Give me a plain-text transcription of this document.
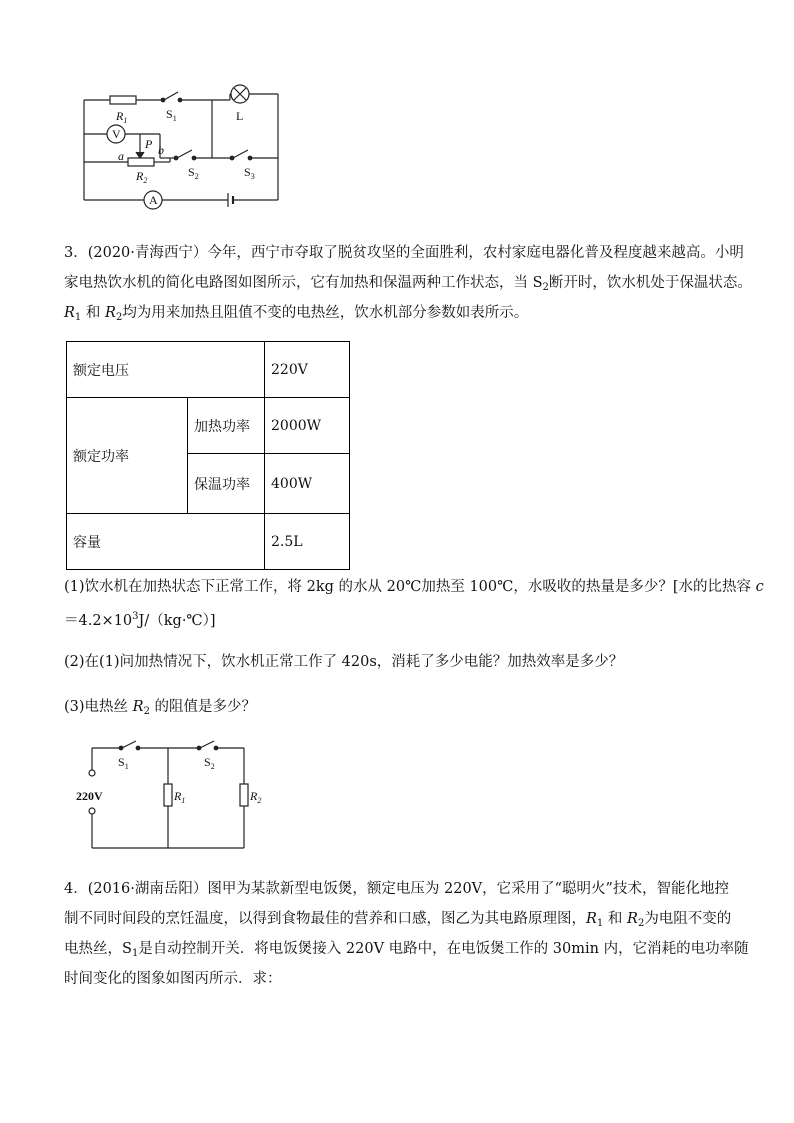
$R_1$	$S_1$	L
V
P
a	b
$R_2$
$S_2$	$S_3$
A
3．(2020·青海西宁）今年，西宁市夺取了脱贫攻坚的全面胜利，农村家庭电器化普及程度越来越高。小明
家电热饮水机的简化电路图如图所示，它有加热和保温两种工作状态，当 $S_2$断开时，饮水机处于保温状态。
$R_1$ 和 $R_2$均为用来加热且阻值不变的电热丝，饮水机部分参数如表所示。
额定电压		220V
额定功率	加热功率	2000W
	保温功率	400W
容量		2.5L
(1)饮水机在加热状态下正常工作，将 2kg 的水从 20℃加热至 100℃，水吸收的热量是多少？[水的比热容 c
$=4.2\times 10^3J/(kg\cdot℃)$]
(2)在(1)问加热情况下，饮水机正常工作了 420s，消耗了多少电能？加热效率是多少？
(3)电热丝 $R_2$ 的阻值是多少？
$S_1$	$S_2$
220V	$R_1$	$R_2$
4．(2016·湖南岳阳）图甲为某款新型电饭煲，额定电压为 220V，它采用了“聪明火”技术，智能化地控
制不同时间段的烹饪温度，以得到食物最佳的营养和口感，图乙为其电路原理图，$R_1$ 和 $R_2$为电阻不变的
电热丝，$S_1$是自动控制开关．将电饭煲接入 220V 电路中，在电饭煲工作的 30min 内，它消耗的电功率随
时间变化的图象如图丙所示．求：
